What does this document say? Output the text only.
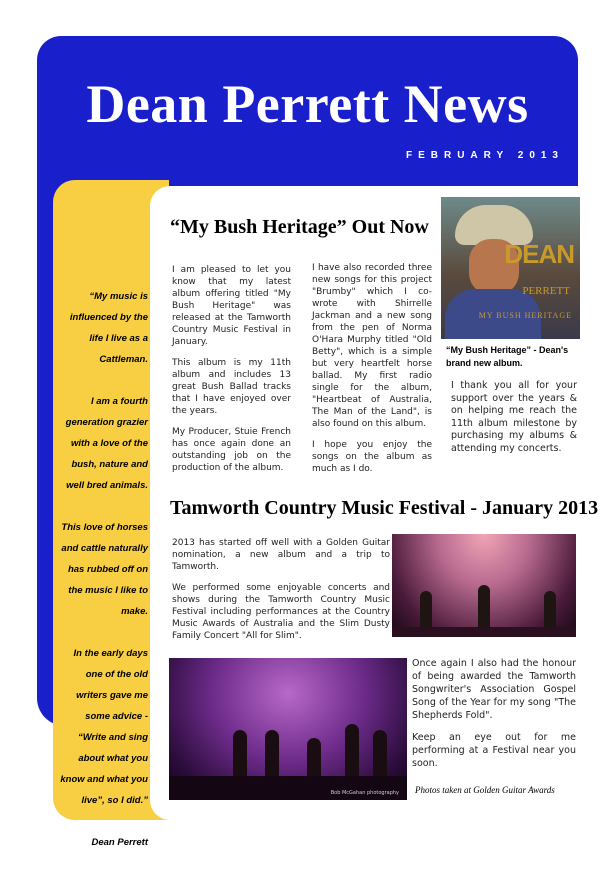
Dean Perrett News
FEBRUARY 2013

“My music is influenced by the life I live as a Cattleman.

I am a fourth generation grazier with a love of the bush, nature and well bred animals.

This love of horses and cattle naturally has rubbed off on the music I like to make.

In the early days one of the old writers gave me some advice - “Write and sing about what you know and what you live”, so I did.”

Dean Perrett

“My Bush Heritage” Out Now

I am pleased to let you know that my latest album offering titled "My Bush Heritage" was released at the Tamworth Country Music Festival in January.

This album is my 11th album and includes 13 great Bush Ballad tracks that I have enjoyed over the years.

My Producer, Stuie French has once again done an outstanding job on the production of the album.

I have also recorded three new songs for this project "Brumby" which I co-wrote with Shirrelle Jackman and a new song from the pen of Norma O'Hara Murphy titled "Old Betty", which is a simple but very heartfelt horse ballad. My first radio single for the album, "Heartbeat of Australia, The Man of the Land", is also found on this album.

I hope you enjoy the songs on the album as much as I do.

DEAN
PERRETT
MY BUSH HERITAGE
“My Bush Heritage” - Dean's brand new album.

I thank you all for your support over the years & on helping me reach the 11th album milestone by purchasing my albums & attending my concerts.

Tamworth Country Music Festival - January 2013

2013 has started off well with a Golden Guitar nomination, a new album and a trip to Tamworth.

We performed some enjoyable concerts and shows during the Tamworth Country Music Festival including performances at the Country Music Awards of Australia and the Slim Dusty Family Concert "All for Slim".

Bob McGahan photography

Once again I also had the honour of being awarded the Tamworth Songwriter's Association Gospel Song of the Year for my song "The Shepherds Fold".

Keep an eye out for me performing at a Festival near you soon.

Photos taken at Golden Guitar Awards
